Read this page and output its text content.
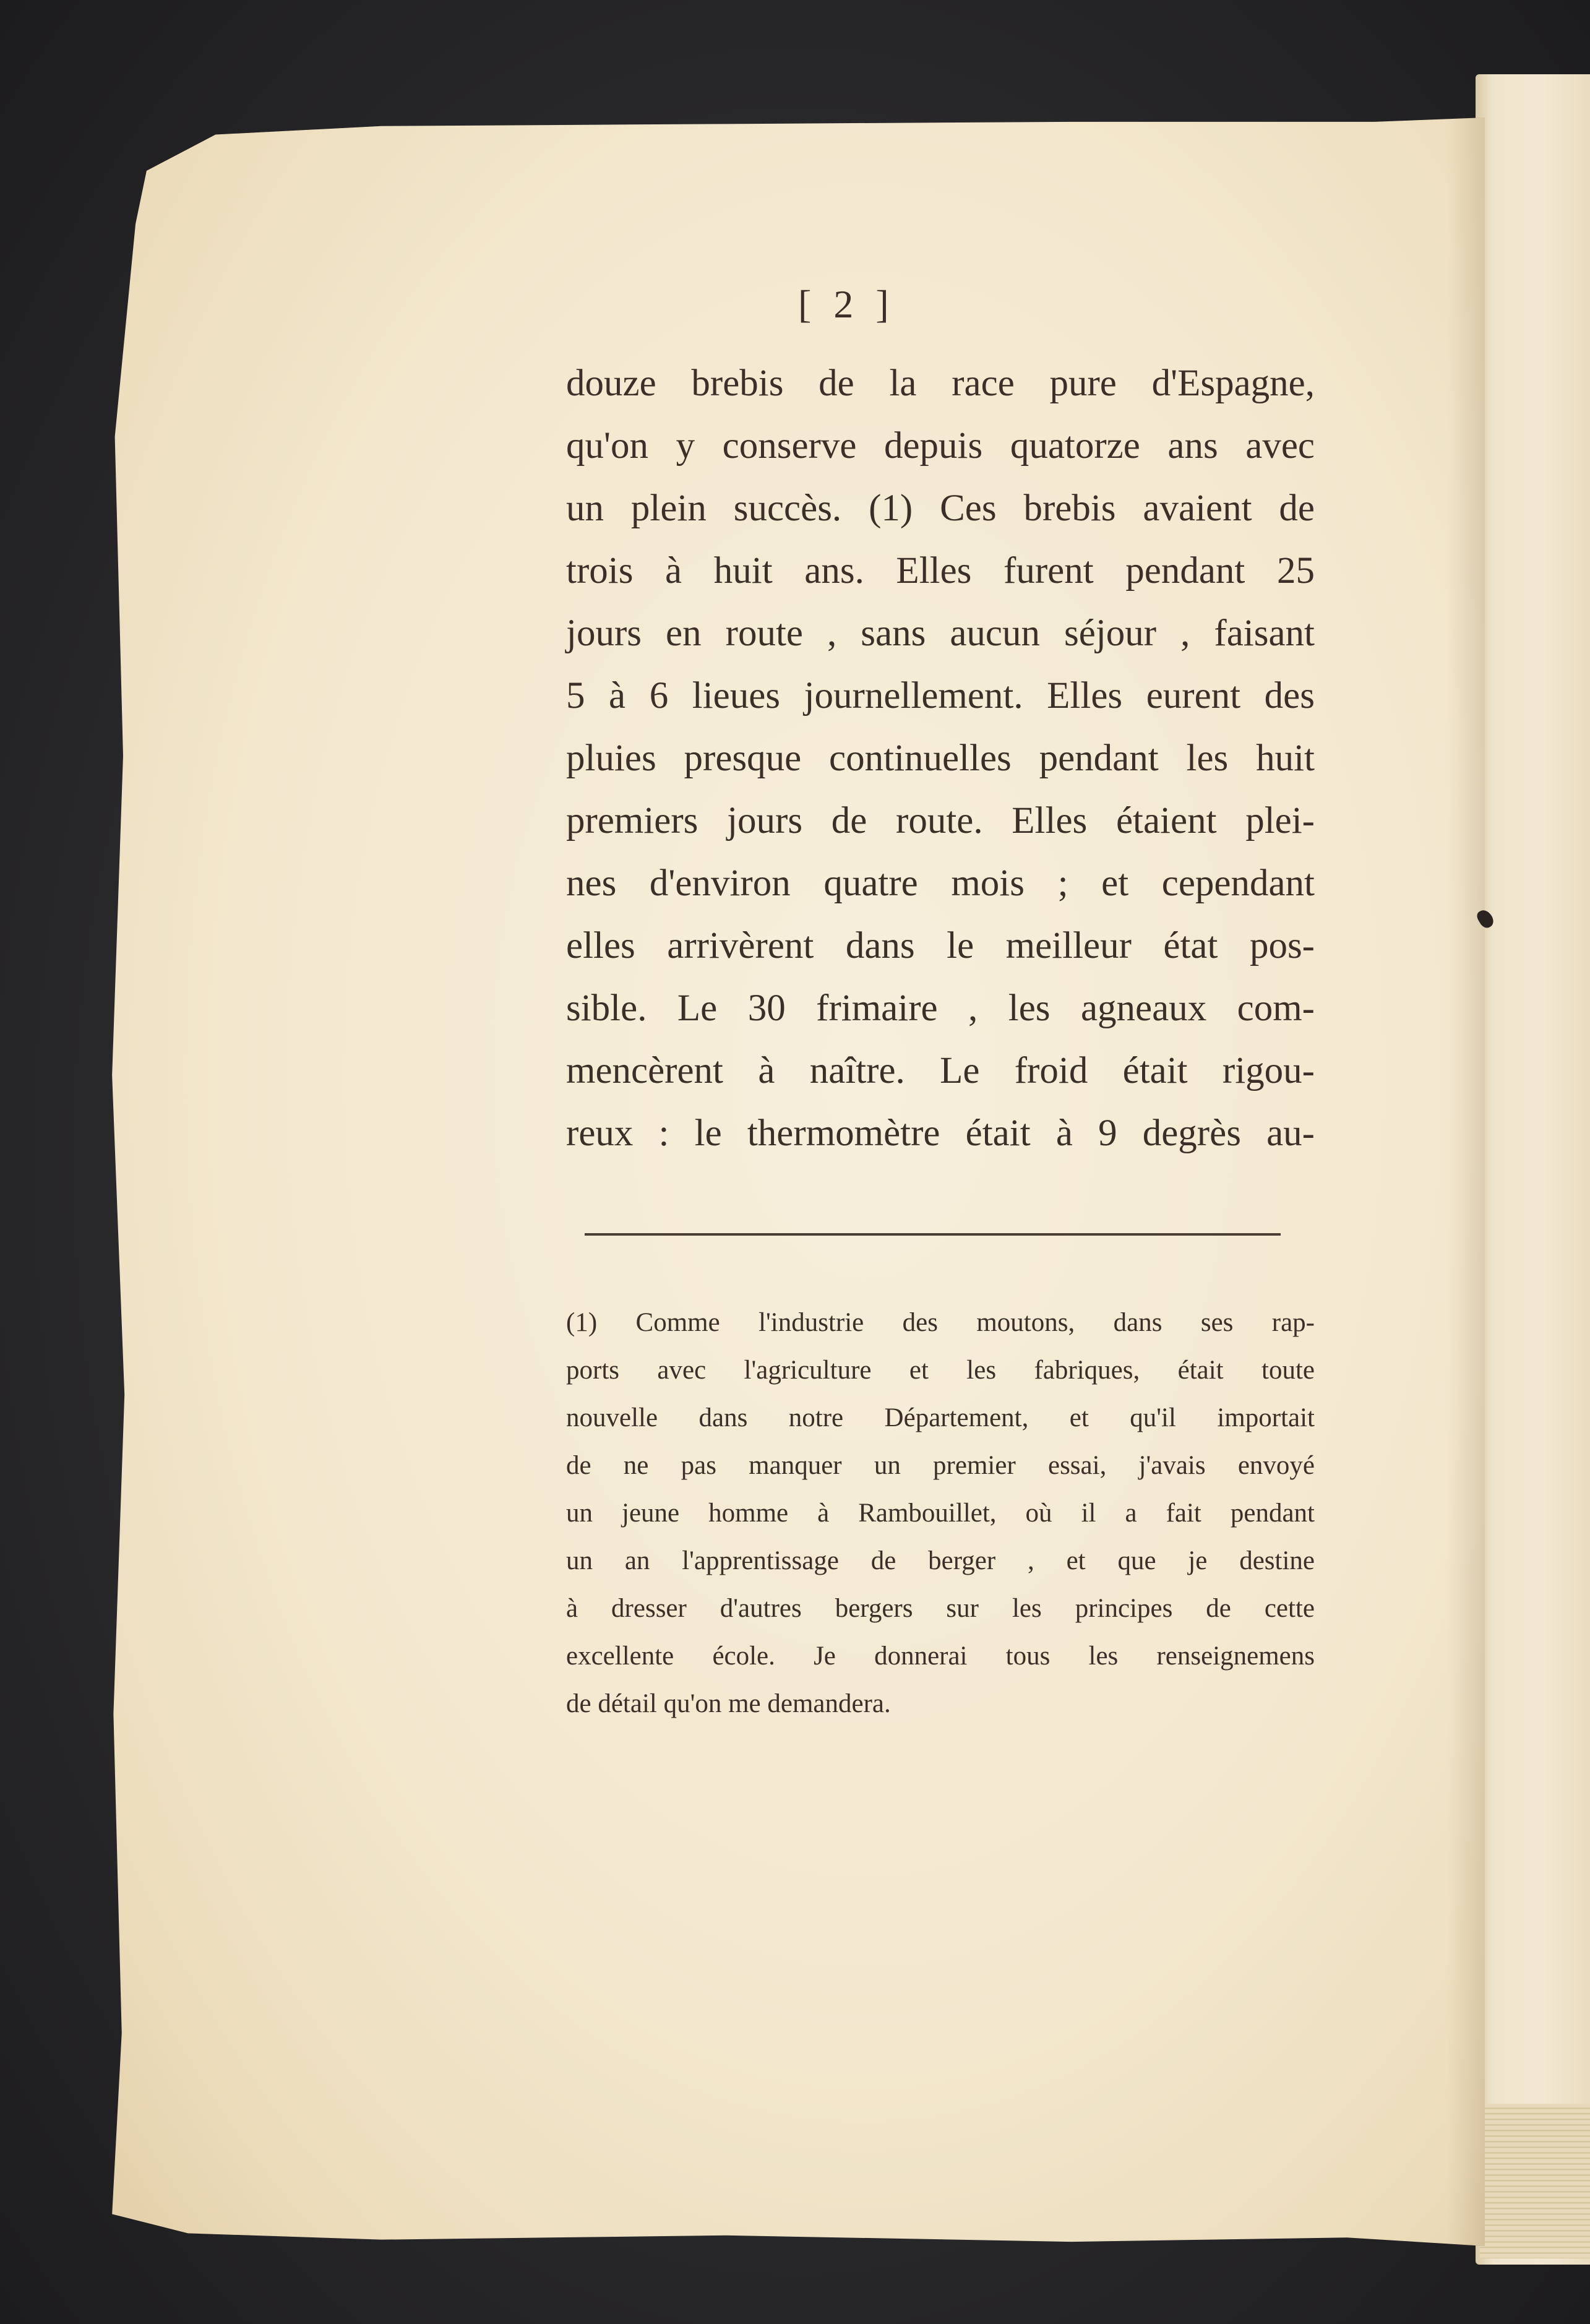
[ 2 ]
douze brebis de la race pure d'Espagne,
qu'on y conserve depuis quatorze ans avec
un plein succès. (1) Ces brebis avaient de
trois à huit ans. Elles furent pendant 25
jours en route , sans aucun séjour , faisant
5 à 6 lieues journellement. Elles eurent des
pluies presque continuelles pendant les huit
premiers jours de route. Elles étaient plei-
nes d'environ quatre mois ; et cependant
elles arrivèrent dans le meilleur état pos-
sible. Le 30 frimaire , les agneaux com-
mencèrent à naître. Le froid était rigou-
reux : le thermomètre était à 9 degrès au-
(1) Comme l'industrie des moutons, dans ses rap-
ports avec l'agriculture et les fabriques, était toute
nouvelle dans notre Département, et qu'il importait
de ne pas manquer un premier essai, j'avais envoyé
un jeune homme à Rambouillet, où il a fait pendant
un an l'apprentissage de berger , et que je destine
à dresser d'autres bergers sur les principes de cette
excellente école. Je donnerai tous les renseignemens
de détail qu'on me demandera.
